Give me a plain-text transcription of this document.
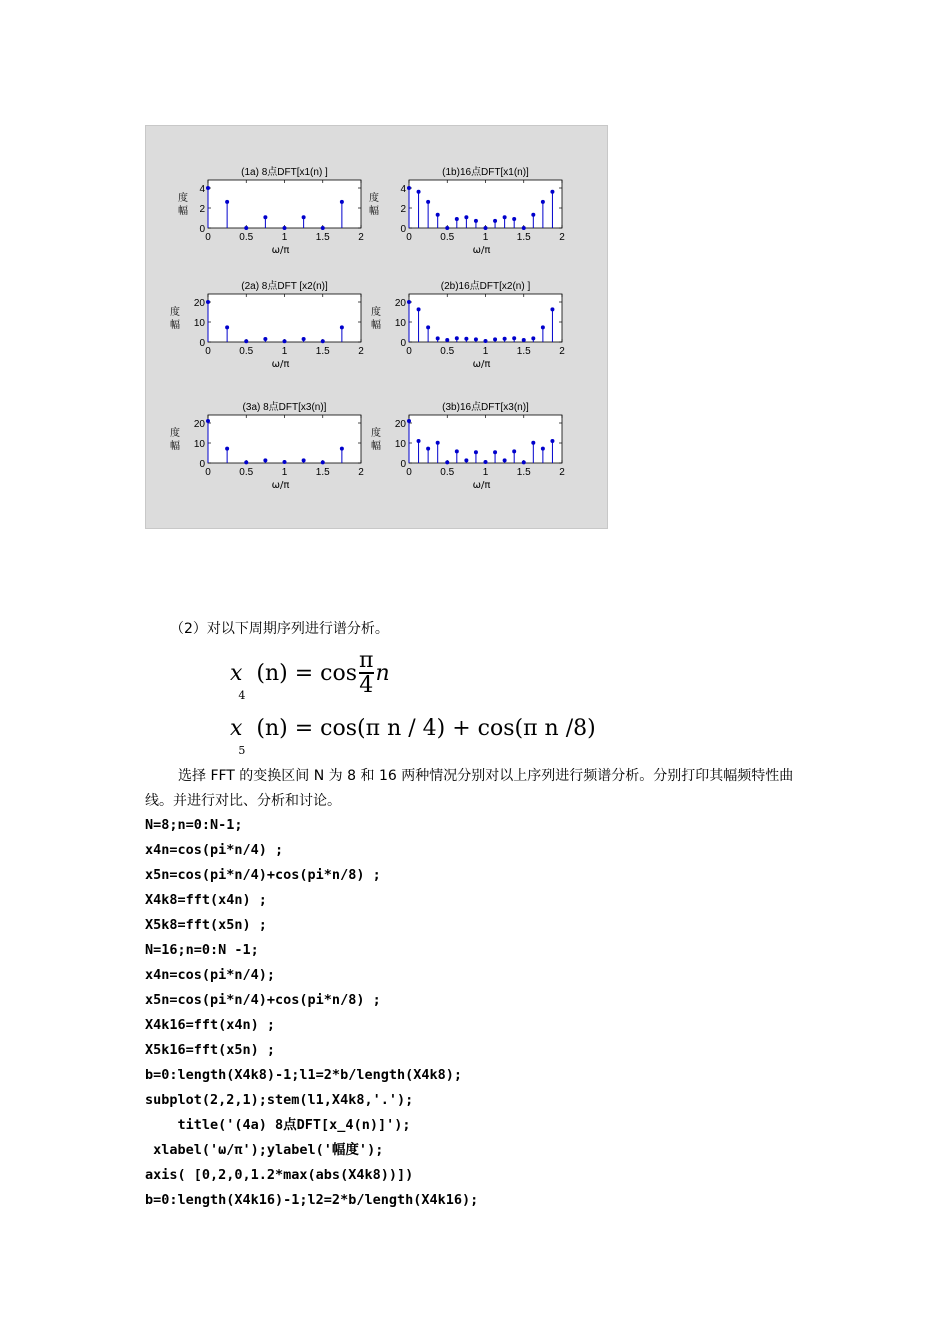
(1a) 8点DFT[x1(n) ]
0	0.5	1	1.5	2
0
2
4
度
幅
ω/π
(1b)16点DFT[x1(n)]
0	0.5	1	1.5	2
0
2
4
度
幅
ω/π
(2a) 8点DFT [x2(n)]
0	0.5	1	1.5	2
0
10
20
度
幅
ω/π
(2b)16点DFT[x2(n) ]
0	0.5	1	1.5	2
0
10
20
度
幅
ω/π
(3a) 8点DFT[x3(n)]
0	0.5	1	1.5	2
0
10
20
度
幅
ω/π
(3b)16点DFT[x3(n)]
0	0.5	1	1.5	2
0
10
20
度
幅
ω/π
（2）对以下周期序列进行谱分析。
$x_4$ $(n) = \cos \frac{\pi}{4}$ n
$x_5$ (n) = cos(π n / 4) + cos(π n /8)
选择 FFT 的变换区间 N 为 8 和 16 两种情况分别对以上序列进行频谱分析。分别打印其幅频特性曲线。并进行对比、分析和讨论。
N=8;n=0:N-1;
x4n=cos(pi*n/4) ;
x5n=cos(pi*n/4)+cos(pi*n/8) ;
X4k8=fft(x4n) ;
X5k8=fft(x5n) ;
N=16;n=0:N -1;
x4n=cos(pi*n/4);
x5n=cos(pi*n/4)+cos(pi*n/8) ;
X4k16=fft(x4n) ;
X5k16=fft(x5n) ;
b=0:length(X4k8)-1;l1=2*b/length(X4k8);
subplot(2,2,1);stem(l1,X4k8,'.');
title('(4a) 8点DFT[x_4(n)]');
xlabel('ω/π');ylabel('幅度');
axis( [0,2,0,1.2*max(abs(X4k8))])
b=0:length(X4k16)-1;l2=2*b/length(X4k16);
